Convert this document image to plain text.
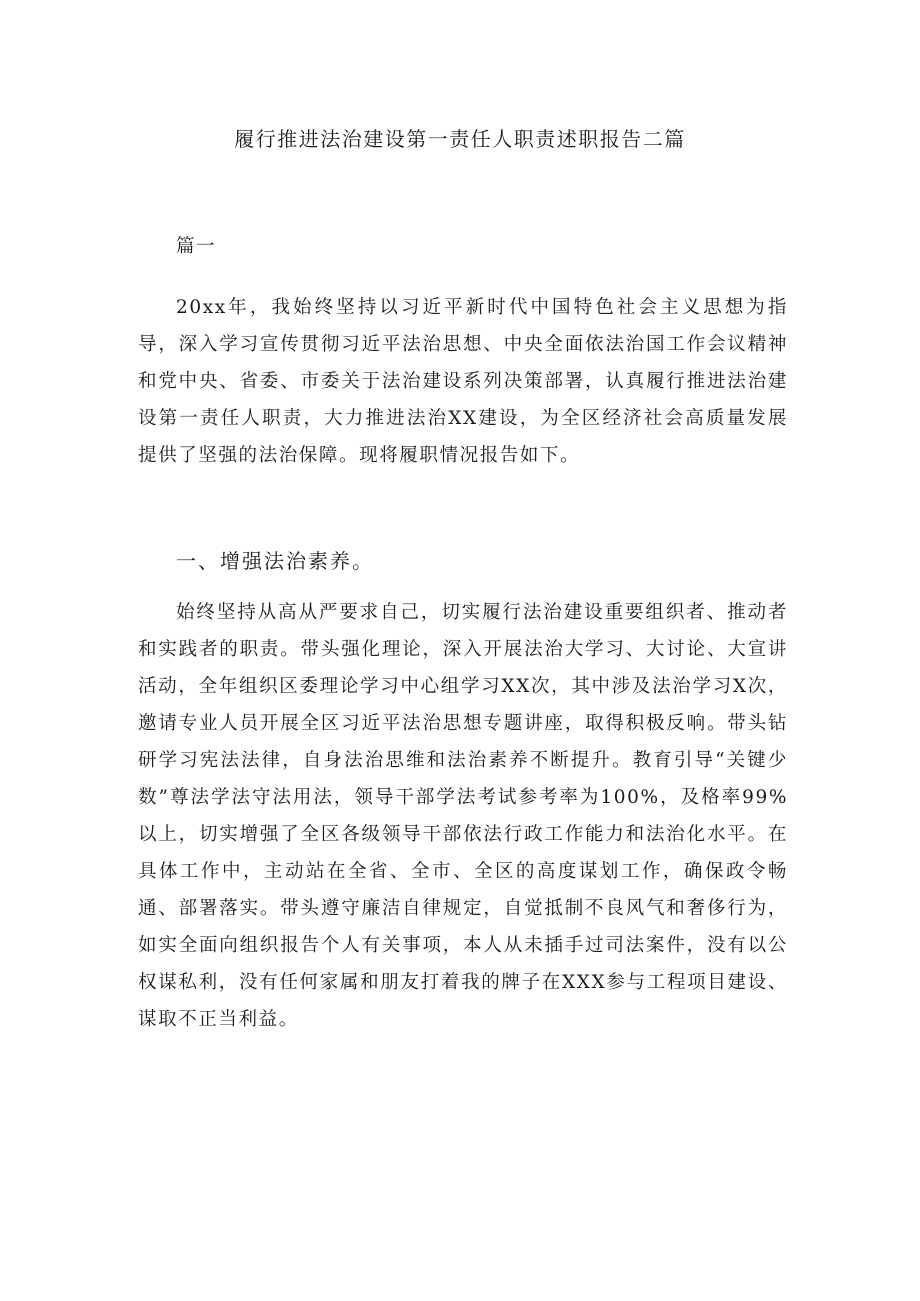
履行推进法治建设第一责任人职责述职报告二篇
篇一
20xx年，我始终坚持以习近平新时代中国特色社会主义思想为指导，深入学习宣传贯彻习近平法治思想、中央全面依法治国工作会议精神和党中央、省委、市委关于法治建设系列决策部署，认真履行推进法治建设第一责任人职责，大力推进法治XX建设，为全区经济社会高质量发展提供了坚强的法治保障。现将履职情况报告如下。
一、增强法治素养。
始终坚持从高从严要求自己，切实履行法治建设重要组织者、推动者和实践者的职责。带头强化理论，深入开展法治大学习、大讨论、大宣讲活动，全年组织区委理论学习中心组学习XX次，其中涉及法治学习X次，邀请专业人员开展全区习近平法治思想专题讲座，取得积极反响。带头钻研学习宪法法律，自身法治思维和法治素养不断提升。教育引导“关键少数”尊法学法守法用法，领导干部学法考试参考率为100%，及格率99%以上，切实增强了全区各级领导干部依法行政工作能力和法治化水平。在具体工作中，主动站在全省、全市、全区的高度谋划工作，确保政令畅通、部署落实。带头遵守廉洁自律规定，自觉抵制不良风气和奢侈行为，如实全面向组织报告个人有关事项，本人从未插手过司法案件，没有以公权谋私利，没有任何家属和朋友打着我的牌子在XXX参与工程项目建设、谋取不正当利益。
